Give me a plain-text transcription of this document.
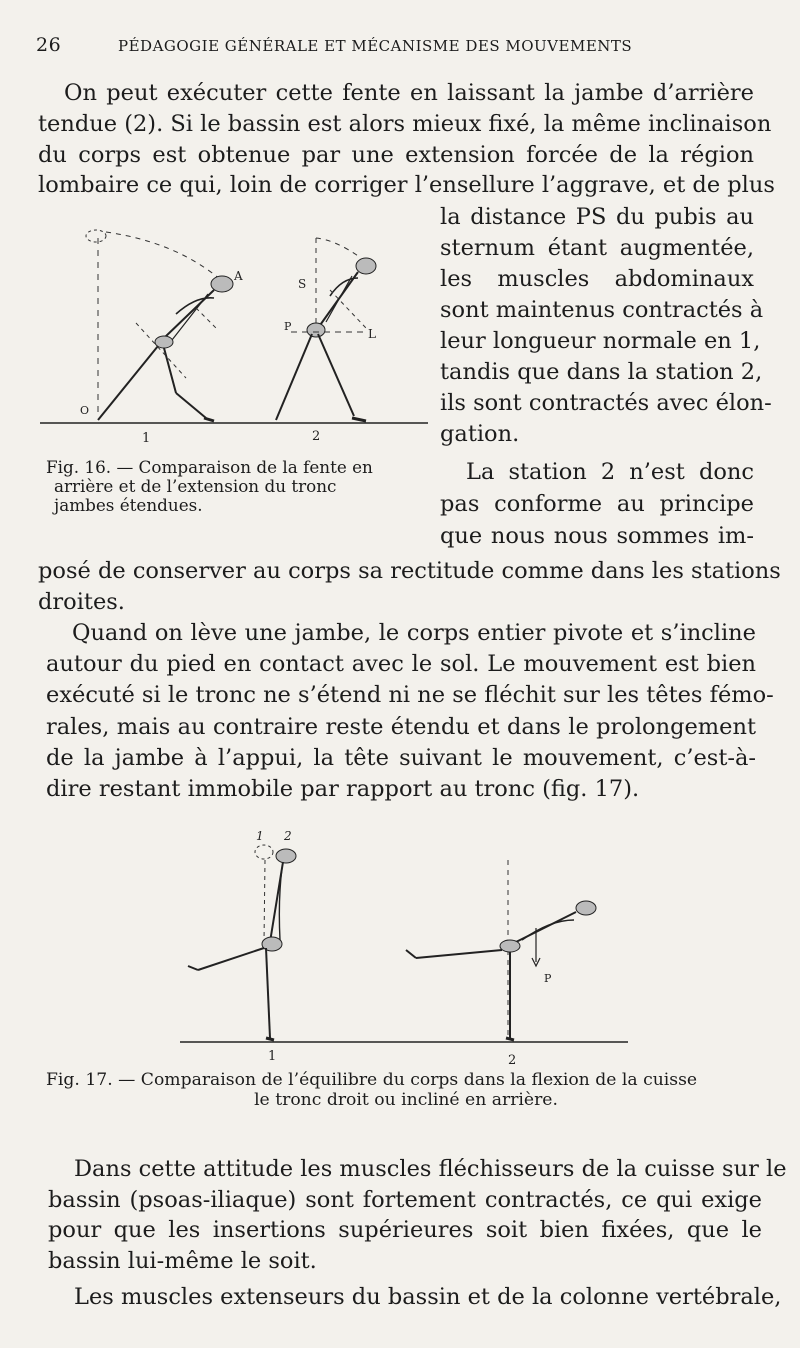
26	PÉDAGOGIE GÉNÉRALE ET MÉCANISME DES MOUVEMENTS
On peut exécuter cette fente en laissant la jambe d’arrière
tendue (2). Si le bassin est alors mieux fixé, la même inclinaison
du corps est obtenue par une extension forcée de la région
lombaire ce qui, loin de corriger l’ensellure l’aggrave, et de plus
la distance PS du pubis au
sternum étant augmentée,
les muscles abdominaux
sont maintenus contractés à
leur longueur normale en 1,
tandis que dans la station 2,
ils sont contractés avec élon-
gation.
La station 2 n’est donc
pas conforme au principe
que nous nous sommes im-
posé de conserver au corps sa rectitude comme dans les stations
droites.
Quand on lève une jambe, le corps entier pivote et s’incline
autour du pied en contact avec le sol. Le mouvement est bien
exécuté si le tronc ne s’étend ni ne se fléchit sur les têtes fémo-
rales, mais au contraire reste étendu et dans le prolongement
de la jambe à l’appui, la tête suivant le mouvement, c’est-à-
dire restant immobile par rapport au tronc (fig. 17).
A
S
P
L
O
1	2
Fig. 16. — Comparaison de la fente en
arrière et de l’extension du tronc
jambes étendues.
1 2
P
1	2
Fig. 17. — Comparaison de l’équilibre du corps dans la flexion de la cuisse
le tronc droit ou incliné en arrière.
Dans cette attitude les muscles fléchisseurs de la cuisse sur le
bassin (psoas-iliaque) sont fortement contractés, ce qui exige
pour que les insertions supérieures soit bien fixées, que le
bassin lui-même le soit.
Les muscles extenseurs du bassin et de la colonne vertébrale,
